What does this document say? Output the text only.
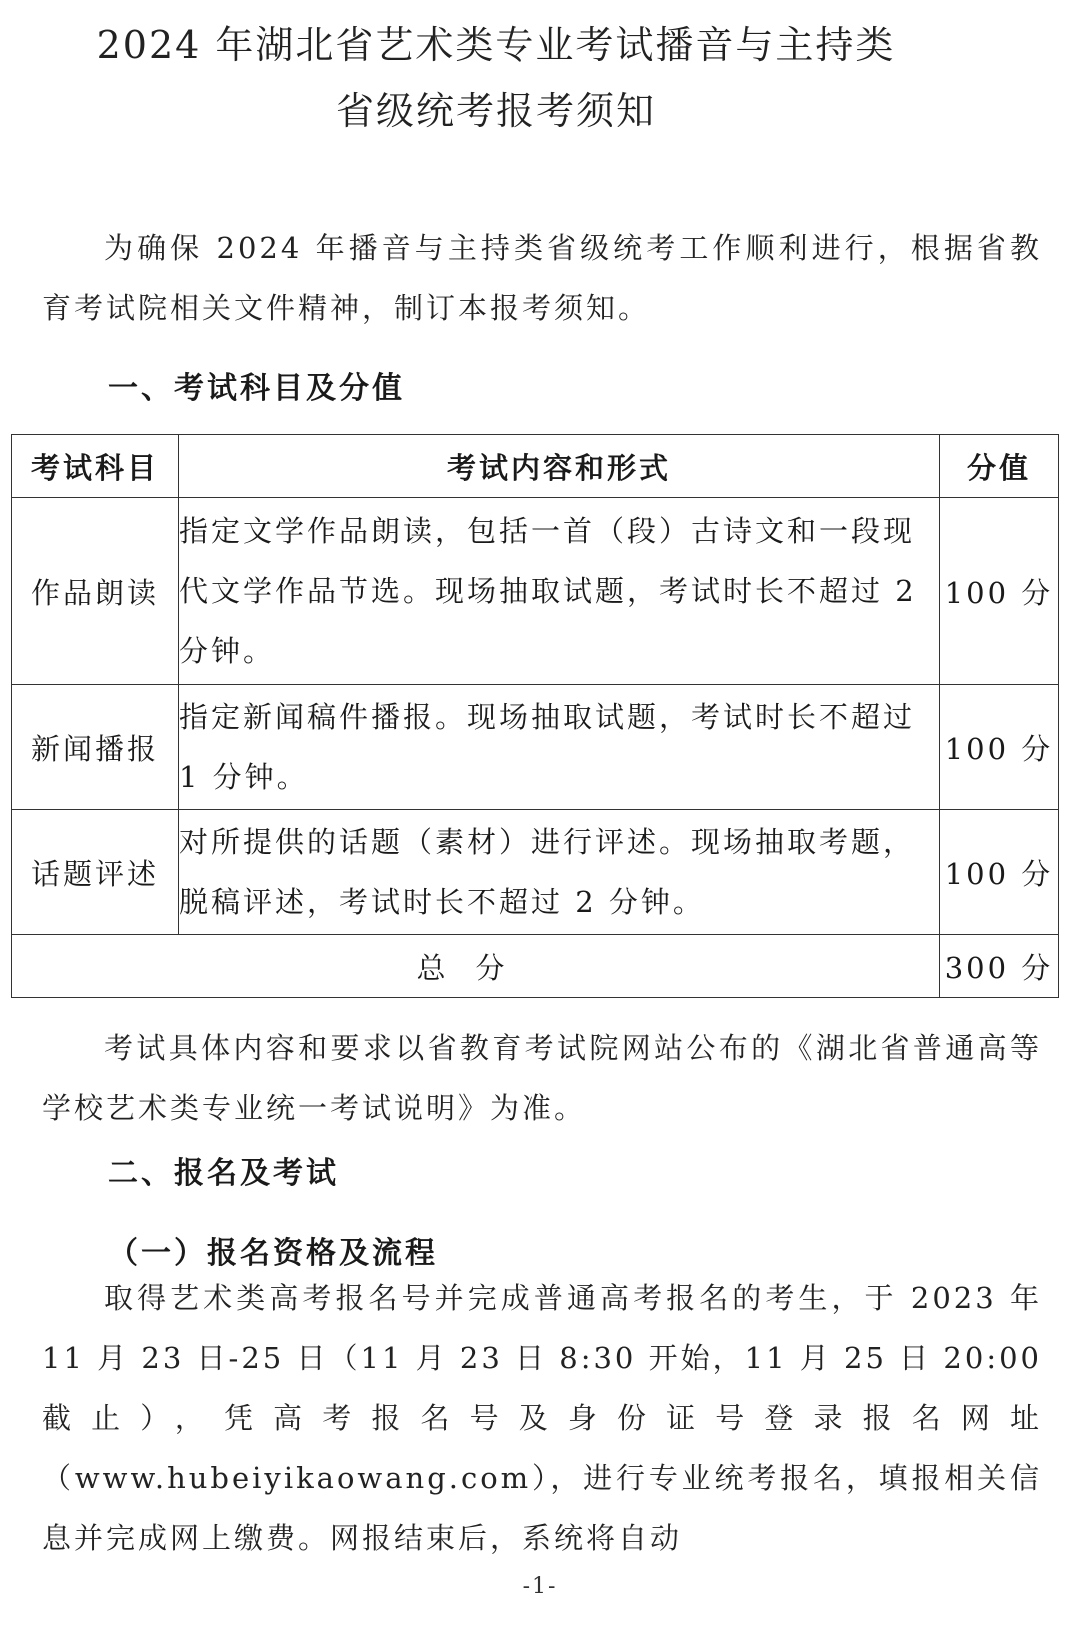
2024 年湖北省艺术类专业考试播音与主持类
省级统考报考须知
为确保 2024 年播音与主持类省级统考工作顺利进行，根据省教育考试院相关文件精神，制订本报考须知。
一、考试科目及分值
考试科目	考试内容和形式	分值
作品朗读	指定文学作品朗读，包括一首（段）古诗文和一段现代文学作品节选。现场抽取试题，考试时长不超过 2 分钟。	100 分
新闻播报	指定新闻稿件播报。现场抽取试题，考试时长不超过 1 分钟。	100 分
话题评述	对所提供的话题（素材）进行评述。现场抽取考题，脱稿评述，考试时长不超过 2 分钟。	100 分
总分		300 分
考试具体内容和要求以省教育考试院网站公布的《湖北省普通高等学校艺术类专业统一考试说明》为准。
二、报名及考试
（一）报名资格及流程
取得艺术类高考报名号并完成普通高考报名的考生，于 2023 年 11 月 23 日-25 日（11 月 23 日 8:30 开始，11 月 25 日 20:00 截止），凭高考报名号及身份证号登录报名网址（www.hubeiyikaowang.com），进行专业统考报名，填报相关信息并完成网上缴费。网报结束后，系统将自动
-1-
